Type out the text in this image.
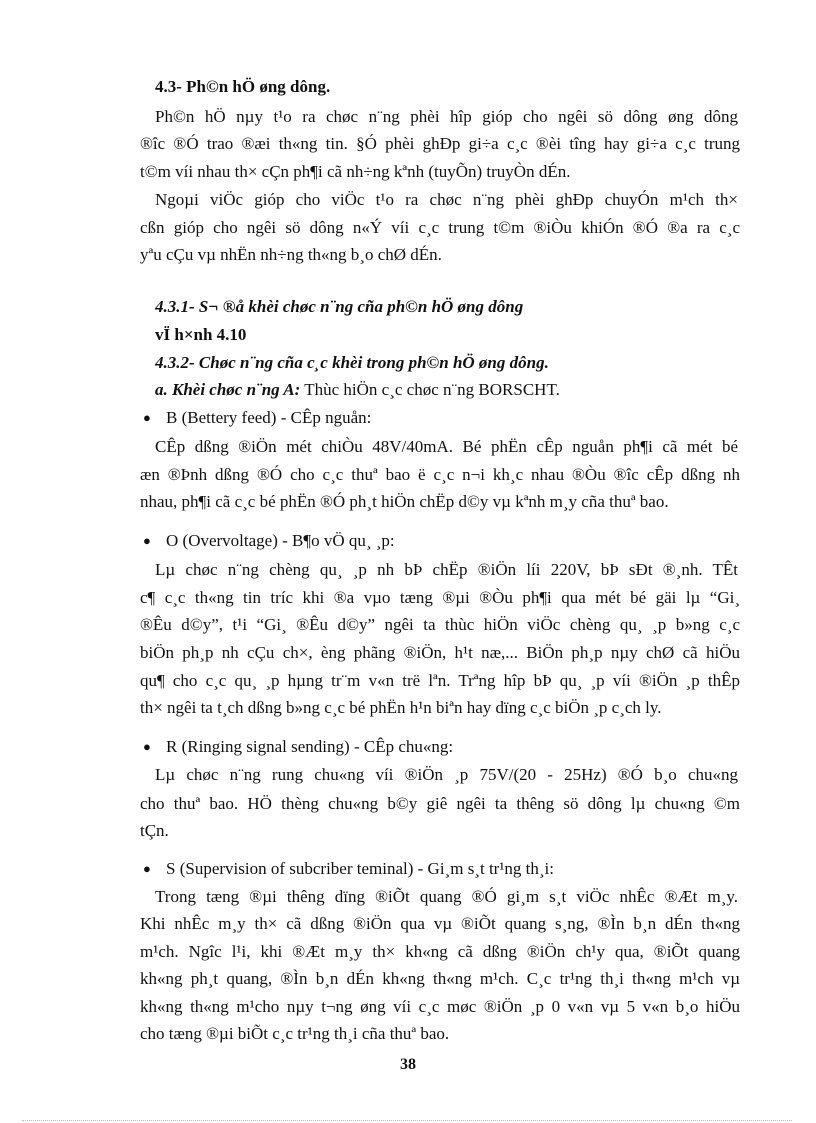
4.3- Ph©n hÖ øng dông.
Ph©n hÖ nµy t¹o ra chøc n¨ng phèi hîp gióp cho ngêi sö dông øng dông
®îc ®Ó trao ®æi th«ng tin. §Ó phèi ghÐp gi÷a c¸c ®èi tîng hay gi÷a c¸c trung
t©m víi nhau th× cÇn ph¶i cã nh÷ng kªnh (tuyÕn) truyÒn dÉn.
Ngoµi viÖc gióp cho viÖc t¹o ra chøc n¨ng phèi ghÐp chuyÓn m¹ch th×
cßn gióp cho ngêi sö dông n«Ý víi c¸c trung t©m ®iÒu khiÓn ®Ó ®a ra c¸c
yªu cÇu vµ nhËn nh÷ng th«ng b¸o chØ dÉn.
4.3.1- S¬ ®å khèi chøc n¨ng cña ph©n hÖ øng dông
vÏ h×nh 4.10
4.3.2- Chøc n¨ng cña c¸c khèi trong ph©n hÖ øng dông.
a. Khèi chøc n¨ng A: Thùc hiÖn c¸c chøc n¨ng BORSCHT.
● B (Bettery feed) - CÊp nguån:
CÊp dßng ®iÖn mét chiÒu 48V/40mA. Bé phËn cÊp nguån ph¶i cã mét bé
æn ®Þnh dßng ®Ó cho c¸c thuª bao ë c¸c n¬i kh¸c nhau ®Òu ®îc cÊp dßng nh
nhau, ph¶i cã c¸c bé phËn ®Ó ph¸t hiÖn chËp d©y vµ kªnh m¸y cña thuª bao.
● O (Overvoltage) - B¶o vÖ qu¸ ¸p:
Lµ chøc n¨ng chèng qu¸ ¸p nh bÞ chËp ®iÖn líi 220V, bÞ sÐt ®¸nh. TÊt
c¶ c¸c th«ng tin tríc khi ®a vµo tæng ®µi ®Òu ph¶i qua mét bé gäi lµ “Gi¸
®Êu d©y”, t¹i “Gi¸ ®Êu d©y” ngêi ta thùc hiÖn viÖc chèng qu¸ ¸p b»ng c¸c
biÖn ph¸p nh cÇu ch×, èng phãng ®iÖn, h¹t næ,... BiÖn ph¸p nµy chØ cã hiÖu
qu¶ cho c¸c qu¸ ¸p hµng tr¨m v«n trë lªn. Trªng hîp bÞ qu¸ ¸p víi ®iÖn ¸p thÊp
th× ngêi ta t¸ch dßng b»ng c¸c bé phËn h¹n biªn hay dïng c¸c biÖn ¸p c¸ch ly.
● R (Ringing signal sending) - CÊp chu«ng:
Lµ chøc n¨ng rung chu«ng víi ®iÖn ¸p 75V/(20 - 25Hz) ®Ó b¸o chu«ng
cho thuª bao. HÖ thèng chu«ng b©y giê ngêi ta thêng sö dông lµ chu«ng ©m
tÇn.
● S (Supervision of subcriber teminal) - Gi¸m s¸t tr¹ng th¸i:
Trong tæng ®µi thêng dïng ®iÕt quang ®Ó gi¸m s¸t viÖc nhÊc ®Æt m¸y.
Khi nhÊc m¸y th× cã dßng ®iÖn qua vµ ®iÕt quang s¸ng, ®Ìn b¸n dÉn th«ng
m¹ch. Ngîc l¹i, khi ®Æt m¸y th× kh«ng cã dßng ®iÖn ch¹y qua, ®iÕt quang
kh«ng ph¸t quang, ®Ìn b¸n dÉn kh«ng th«ng m¹ch. C¸c tr¹ng th¸i th«ng m¹ch vµ
kh«ng th«ng m¹cho nµy t¬ng øng víi c¸c møc ®iÖn ¸p 0 v«n vµ 5 v«n b¸o hiÖu
cho tæng ®µi biÕt c¸c tr¹ng th¸i cña thuª bao.
38
